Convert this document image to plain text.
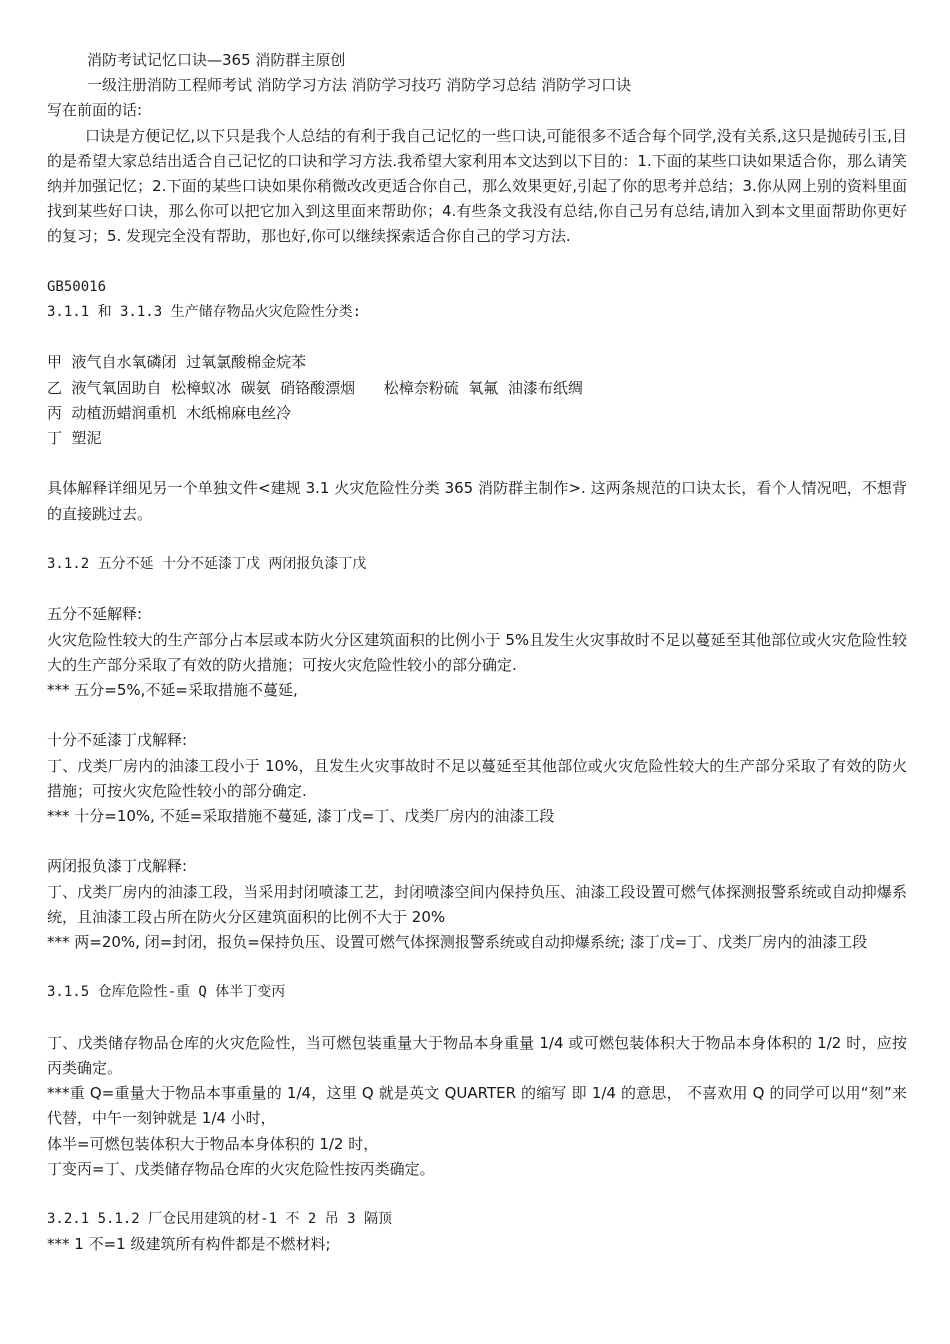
消防考试记忆口诀—365 消防群主原创
一级注册消防工程师考试 消防学习方法 消防学习技巧 消防学习总结 消防学习口诀
写在前面的话:
口诀是方便记忆,以下只是我个人总结的有利于我自己记忆的一些口诀,可能很多不适合每个同学,没有关系,这只是抛砖引玉,目的是希望大家总结出适合自己记忆的口诀和学习方法.我希望大家利用本文达到以下目的：1.下面的某些口诀如果适合你，那么请笑纳并加强记忆；2.下面的某些口诀如果你稍微改改更适合你自己，那么效果更好,引起了你的思考并总结；3.你从网上别的资料里面找到某些好口诀，那么你可以把它加入到这里面来帮助你；4.有些条文我没有总结,你自己另有总结,请加入到本文里面帮助你更好的复习；5. 发现完全没有帮助，那也好,你可以继续探索适合你自己的学习方法.
GB50016
3.1.1 和 3.1.3 生产储存物品火灾危险性分类:
甲  液气自水氧磷闭  过氧氯酸棉金烷苯
乙  液气氧固助自  松樟蚁冰  碳氨  硝铬酸漂烟      松樟奈粉硫  氧氟  油漆布纸绸
丙  动植沥蜡润重机  木纸棉麻电丝冷
丁  塑泥
具体解释详细见另一个单独文件<建规 3.1 火灾危险性分类 365 消防群主制作>. 这两条规范的口诀太长，看个人情况吧，不想背的直接跳过去。
3.1.2 五分不延 十分不延漆丁戊 两闭报负漆丁戊
五分不延解释:
火灾危险性较大的生产部分占本层或本防火分区建筑面积的比例小于 5%且发生火灾事故时不足以蔓延至其他部位或火灾危险性较大的生产部分采取了有效的防火措施；可按火灾危险性较小的部分确定.
*** 五分=5%,不延=采取措施不蔓延,
十分不延漆丁戊解释:
丁、戊类厂房内的油漆工段小于 10%，且发生火灾事故时不足以蔓延至其他部位或火灾危险性较大的生产部分采取了有效的防火措施；可按火灾危险性较小的部分确定.
*** 十分=10%, 不延=采取措施不蔓延, 漆丁戊=丁、戊类厂房内的油漆工段
两闭报负漆丁戊解释:
丁、戊类厂房内的油漆工段，当采用封闭喷漆工艺，封闭喷漆空间内保持负压、油漆工段设置可燃气体探测报警系统或自动抑爆系统，且油漆工段占所在防火分区建筑面积的比例不大于 20%
*** 两=20%, 闭=封闭，报负=保持负压、设置可燃气体探测报警系统或自动抑爆系统; 漆丁戊=丁、戊类厂房内的油漆工段
3.1.5 仓库危险性-重 Q 体半丁变丙
丁、戊类储存物品仓库的火灾危险性，当可燃包装重量大于物品本身重量 1/4 或可燃包装体积大于物品本身体积的 1/2 时，应按丙类确定。
***重 Q=重量大于物品本事重量的 1/4，这里 Q 就是英文 QUARTER 的缩写 即 1/4 的意思， 不喜欢用 Q 的同学可以用“刻”来代替，中午一刻钟就是 1/4 小时，
体半=可燃包装体积大于物品本身体积的 1/2 时，
丁变丙=丁、戊类储存物品仓库的火灾危险性按丙类确定。
3.2.1 5.1.2 厂仓民用建筑的材-1 不 2 吊 3 隔顶
*** 1 不=1 级建筑所有构件都是不燃材料;
